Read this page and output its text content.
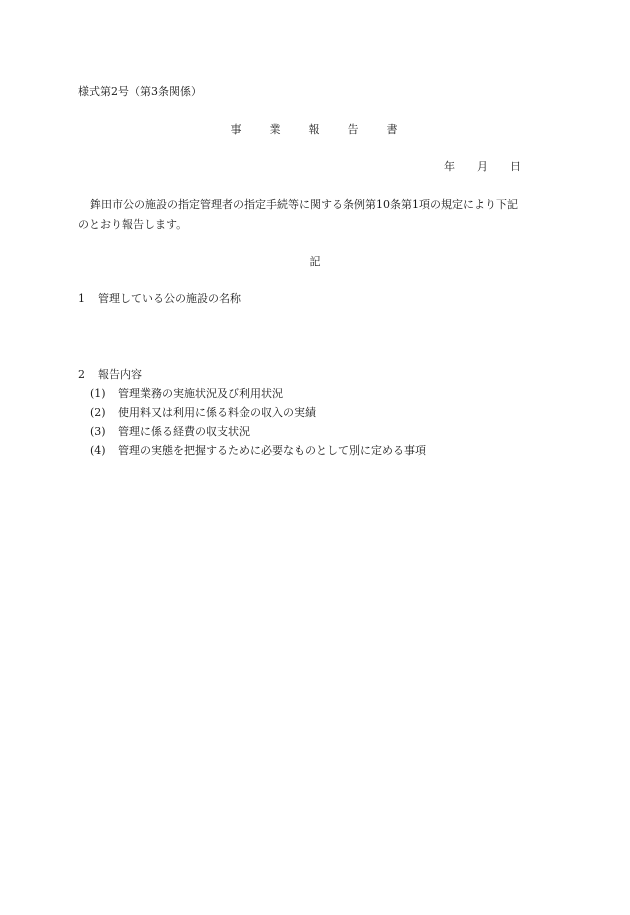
様式第2号（第3条関係）
事　　業　　報　　告　　書
年　　月　　日
鉾田市公の施設の指定管理者の指定手続等に関する条例第10条第1項の規定により下記
のとおり報告します。
記
1 管理している公の施設の名称
2 報告内容
(1) 管理業務の実施状況及び利用状況
(2) 使用料又は利用に係る料金の収入の実績
(3) 管理に係る経費の収支状況
(4) 管理の実態を把握するために必要なものとして別に定める事項
